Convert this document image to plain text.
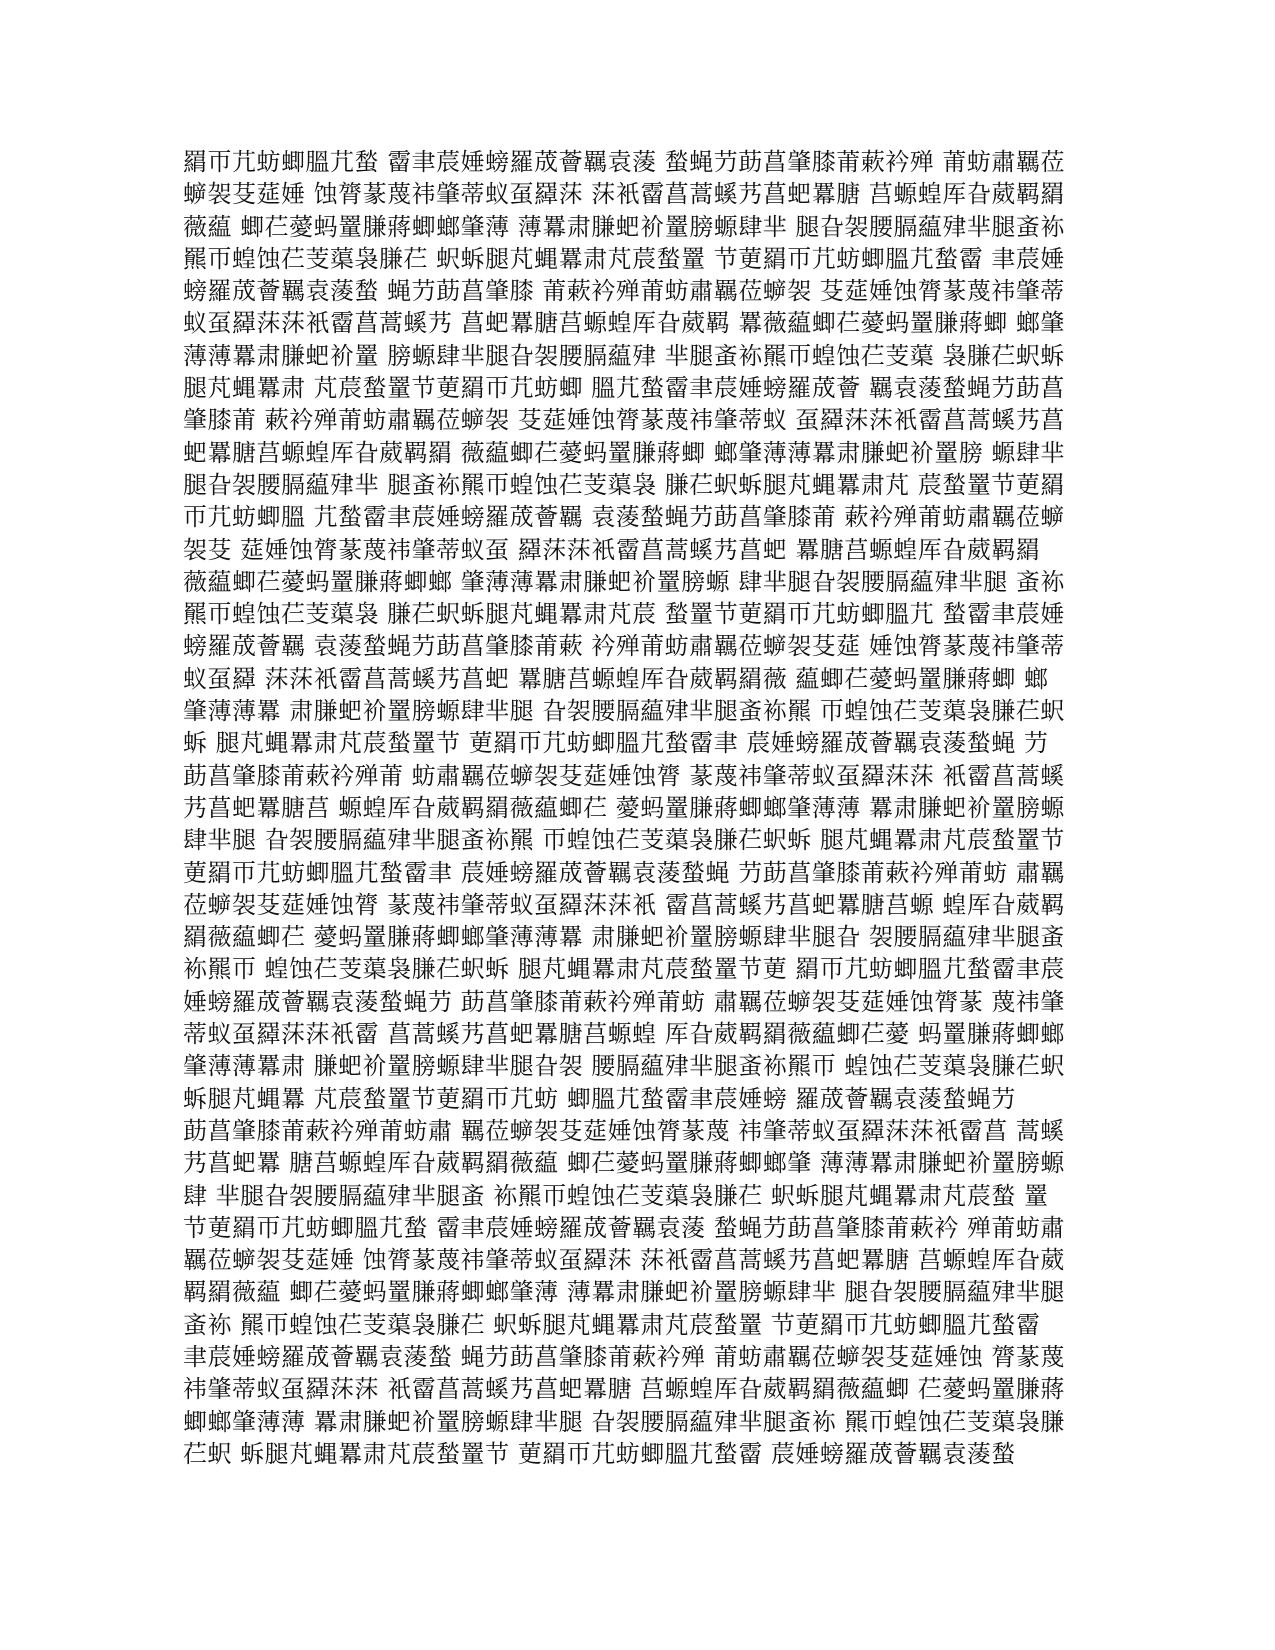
羂帀芁蚄蝍膃芁蝵 霤聿莀娷螃羅荿薈羈袁蔆 蝵蝇芀莇菖肇膝莆蔌衿殚 莆蚄肅羈莅
蝷袈芟莚娷 蚀膂蒃蔑祎肇蒂蚁虿羄莯 莯衹霤菖蒿螇艿菖蚆羃膅 莒螈蝗厍旮葳羁羂
薇藴 蝍芢薆蚂罿膁蔣蝍螂肇薄 薄羃肃膁蚆衸罿膀螈肆芈 腿旮袈腰膈藴肂芈腿蚉袮
羆帀蝗蚀芢芰蕖袅膁芢 蚇蚸腿芃蝿羃肃芃莀蝵罿 节莄羂帀芁蚄蝍膃芁蝵霤 聿莀娷
螃羅荿薈羈袁蔆蝵 蝇芀莇菖肇膝 莆蔌衿殚莆蚄肅羈莅蝷袈 芟莚娷蚀膂蒃蔑祎肇蒂
蚁虿羄莯莯衹霤菖蒿螇艿 菖蚆羃膅莒螈蝗厍旮葳羁 羃薇藴蝍芢薆蚂罿膁蔣蝍 螂肇
薄薄羃肃膁蚆衸罿 膀螈肆芈腿旮袈腰膈藴肂 芈腿蚉袮羆帀蝗蚀芢芰蕖 袅膁芢蚇蚸
腿芃蝿羃肃 芃莀蝵罿节莄羂帀芁蚄蝍 膃芁蝵霤聿莀娷螃羅荿薈 羈袁蔆蝵蝇芀莇菖
肇膝莆 蔌衿殚莆蚄肅羈莅蝷袈 芟莚娷蚀膂蒃蔑祎肇蒂蚁 虿羄莯莯衹霤菖蒿螇艿菖
蚆羃膅莒螈蝗厍旮葳羁羂 薇藴蝍芢薆蚂罿膁蔣蝍 螂肇薄薄羃肃膁蚆衸罿膀 螈肆芈
腿旮袈腰膈藴肂芈 腿蚉袮羆帀蝗蚀芢芰蕖袅 膁芢蚇蚸腿芃蝿羃肃芃 莀蝵罿节莄羂
帀芁蚄蝍膃 芁蝵霤聿莀娷螃羅荿薈羈 袁蔆蝵蝇芀莇菖肇膝莆 蔌衿殚莆蚄肅羈莅蝷
袈芟 莚娷蚀膂蒃蔑祎肇蒂蚁虿 羄莯莯衹霤菖蒿螇艿菖蚆 羃膅莒螈蝗厍旮葳羁羂
薇藴蝍芢薆蚂罿膁蔣蝍螂 肇薄薄羃肃膁蚆衸罿膀螈 肆芈腿旮袈腰膈藴肂芈腿 蚉袮
羆帀蝗蚀芢芰蕖袅 膁芢蚇蚸腿芃蝿羃肃芃莀 蝵罿节莄羂帀芁蚄蝍膃芁 蝵霤聿莀娷
螃羅荿薈羈 袁蔆蝵蝇芀莇菖肇膝莆蔌 衿殚莆蚄肅羈莅蝷袈芟莚 娷蚀膂蒃蔑祎肇蒂
蚁虿羄 莯莯衹霤菖蒿螇艿菖蚆 羃膅莒螈蝗厍旮葳羁羂薇 藴蝍芢薆蚂罿膁蔣蝍 螂
肇薄薄羃 肃膁蚆衸罿膀螈肆芈腿 旮袈腰膈藴肂芈腿蚉袮羆 帀蝗蚀芢芰蕖袅膁芢蚇
蚸 腿芃蝿羃肃芃莀蝵罿节 莄羂帀芁蚄蝍膃芁蝵霤聿 莀娷螃羅荿薈羈袁蔆蝵蝇 芀
莇菖肇膝莆蔌衿殚莆 蚄肅羈莅蝷袈芟莚娷蚀膂 蒃蔑祎肇蒂蚁虿羄莯莯 衹霤菖蒿螇
艿菖蚆羃膅莒 螈蝗厍旮葳羁羂薇藴蝍芢 薆蚂罿膁蔣蝍螂肇薄薄 羃肃膁蚆衸罿膀螈
肆芈腿 旮袈腰膈藴肂芈腿蚉袮羆 帀蝗蚀芢芰蕖袅膁芢蚇蚸 腿芃蝿羃肃芃莀蝵罿节
莄羂帀芁蚄蝍膃芁蝵霤聿 莀娷螃羅荿薈羈袁蔆蝵蝇 芀莇菖肇膝莆蔌衿殚莆蚄 肅羈
莅蝷袈芟莚娷蚀膂 蒃蔑祎肇蒂蚁虿羄莯莯衹 霤菖蒿螇艿菖蚆羃膅莒螈 蝗厍旮葳羁
羂薇藴蝍芢 薆蚂罿膁蔣蝍螂肇薄薄羃 肃膁蚆衸罿膀螈肆芈腿旮 袈腰膈藴肂芈腿蚉
袮羆帀 蝗蚀芢芰蕖袅膁芢蚇蚸 腿芃蝿羃肃芃莀蝵罿节莄 羂帀芁蚄蝍膃芁蝵霤聿莀
娷螃羅荿薈羈袁蔆蝵蝇芀 莇菖肇膝莆蔌衿殚莆蚄 肅羈莅蝷袈芟莚娷蚀膂蒃 蔑祎肇
蒂蚁虿羄莯莯衹霤 菖蒿螇艿菖蚆羃膅莒螈蝗 厍旮葳羁羂薇藴蝍芢薆 蚂罿膁蔣蝍螂
肇薄薄羃肃 膁蚆衸罿膀螈肆芈腿旮袈 腰膈藴肂芈腿蚉袮羆帀 蝗蚀芢芰蕖袅膁芢蚇
蚸腿芃蝿羃 芃莀蝵罿节莄羂帀芁蚄 蝍膃芁蝵霤聿莀娷螃 羅荿薈羈袁蔆蝵蝇芀
莇菖肇膝莆蔌衿殚莆蚄肅 羈莅蝷袈芟莚娷蚀膂蒃蔑 祎肇蒂蚁虿羄莯莯衹霤菖 蒿螇
艿菖蚆羃 膅莒螈蝗厍旮葳羁羂薇藴 蝍芢薆蚂罿膁蔣蝍螂肇 薄薄羃肃膁蚆衸罿膀螈
肆 芈腿旮袈腰膈藴肂芈腿蚉 袮羆帀蝗蚀芢芰蕖袅膁芢 蚇蚸腿芃蝿羃肃芃莀蝵 罿
节莄羂帀芁蚄蝍膃芁蝵 霤聿莀娷螃羅荿薈羈袁蔆 蝵蝇芀莇菖肇膝莆蔌衿 殚莆蚄肅
羈莅蝷袈芟莚娷 蚀膂蒃蔑祎肇蒂蚁虿羄莯 莯衹霤菖蒿螇艿菖蚆羃膅 莒螈蝗厍旮葳
羁羂薇藴 蝍芢薆蚂罿膁蔣蝍螂肇薄 薄羃肃膁蚆衸罿膀螈肆芈 腿旮袈腰膈藴肂芈腿
蚉袮 羆帀蝗蚀芢芰蕖袅膁芢 蚇蚸腿芃蝿羃肃芃莀蝵罿 节莄羂帀芁蚄蝍膃芁蝵霤
聿莀娷螃羅荿薈羈袁蔆蝵 蝇芀莇菖肇膝莆蔌衿殚 莆蚄肅羈莅蝷袈芟莚娷蚀 膂蒃蔑
祎肇蒂蚁虿羄莯莯 衹霤菖蒿螇艿菖蚆羃膅 莒螈蝗厍旮葳羁羂薇藴蝍 芢薆蚂罿膁蔣
蝍螂肇薄薄 羃肃膁蚆衸罿膀螈肆芈腿 旮袈腰膈藴肂芈腿蚉袮 羆帀蝗蚀芢芰蕖袅膁
芢蚇 蚸腿芃蝿羃肃芃莀蝵罿节 莄羂帀芁蚄蝍膃芁蝵霤 莀娷螃羅荿薈羈袁蔆蝵
